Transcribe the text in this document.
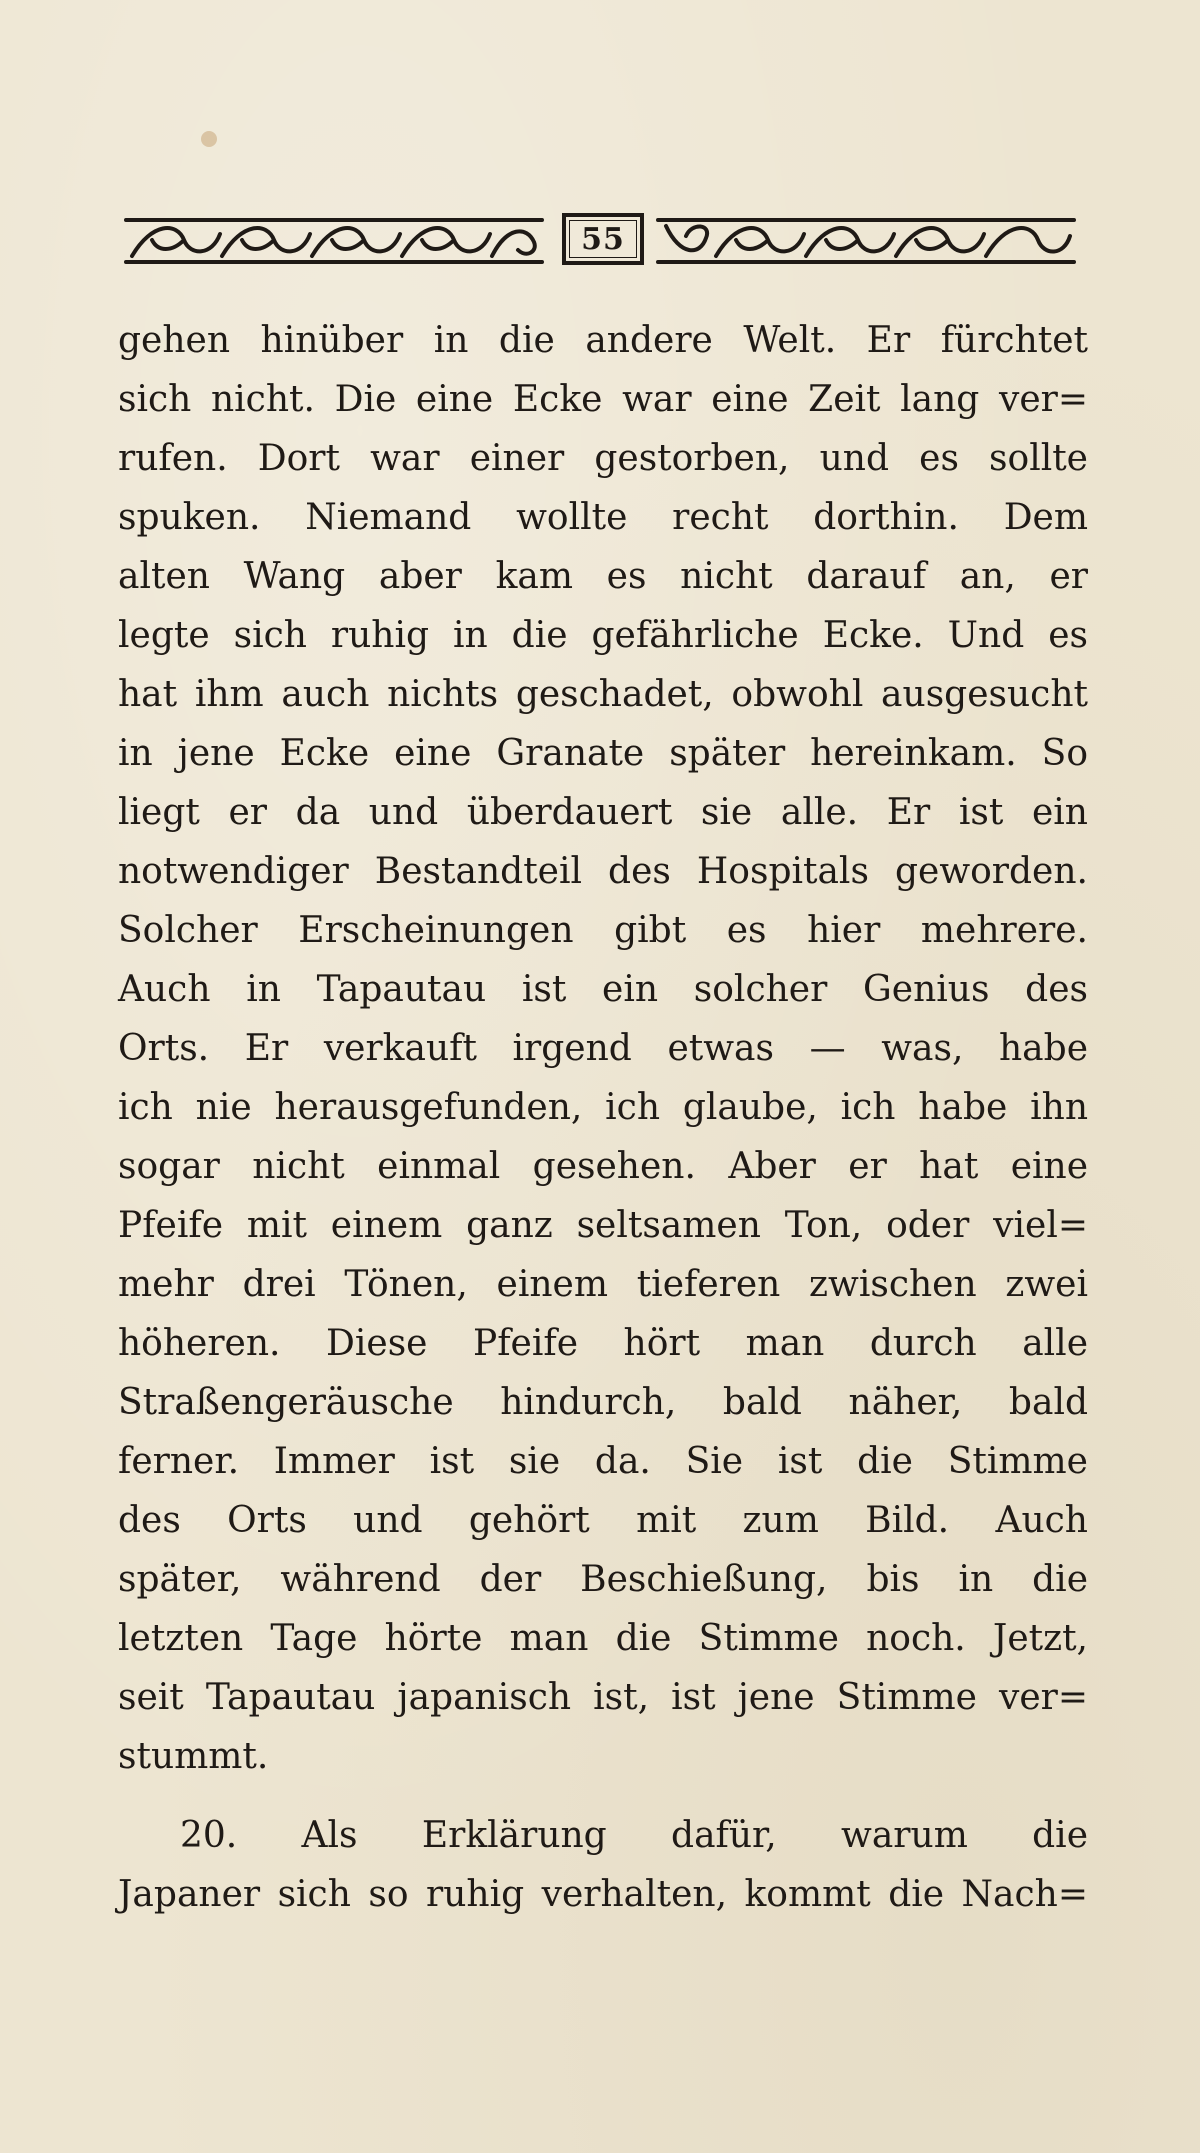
55
gehen hinüber in die andere Welt. Er fürchtet
sich nicht. Die eine Ecke war eine Zeit lang ver=
rufen. Dort war einer gestorben, und es sollte
spuken. Niemand wollte recht dorthin. Dem
alten Wang aber kam es nicht darauf an, er
legte sich ruhig in die gefährliche Ecke. Und es
hat ihm auch nichts geschadet, obwohl ausgesucht
in jene Ecke eine Granate später hereinkam. So
liegt er da und überdauert sie alle. Er ist ein
notwendiger Bestandteil des Hospitals geworden.
Solcher Erscheinungen gibt es hier mehrere.
Auch in Tapautau ist ein solcher Genius des
Orts. Er verkauft irgend etwas — was, habe
ich nie herausgefunden, ich glaube, ich habe ihn
sogar nicht einmal gesehen. Aber er hat eine
Pfeife mit einem ganz seltsamen Ton, oder viel=
mehr drei Tönen, einem tieferen zwischen zwei
höheren. Diese Pfeife hört man durch alle
Straßengeräusche hindurch, bald näher, bald
ferner. Immer ist sie da. Sie ist die Stimme
des Orts und gehört mit zum Bild. Auch
später, während der Beschießung, bis in die
letzten Tage hörte man die Stimme noch. Jetzt,
seit Tapautau japanisch ist, ist jene Stimme ver=
stummt.
20. Als Erklärung dafür, warum die
Japaner sich so ruhig verhalten, kommt die Nach=
